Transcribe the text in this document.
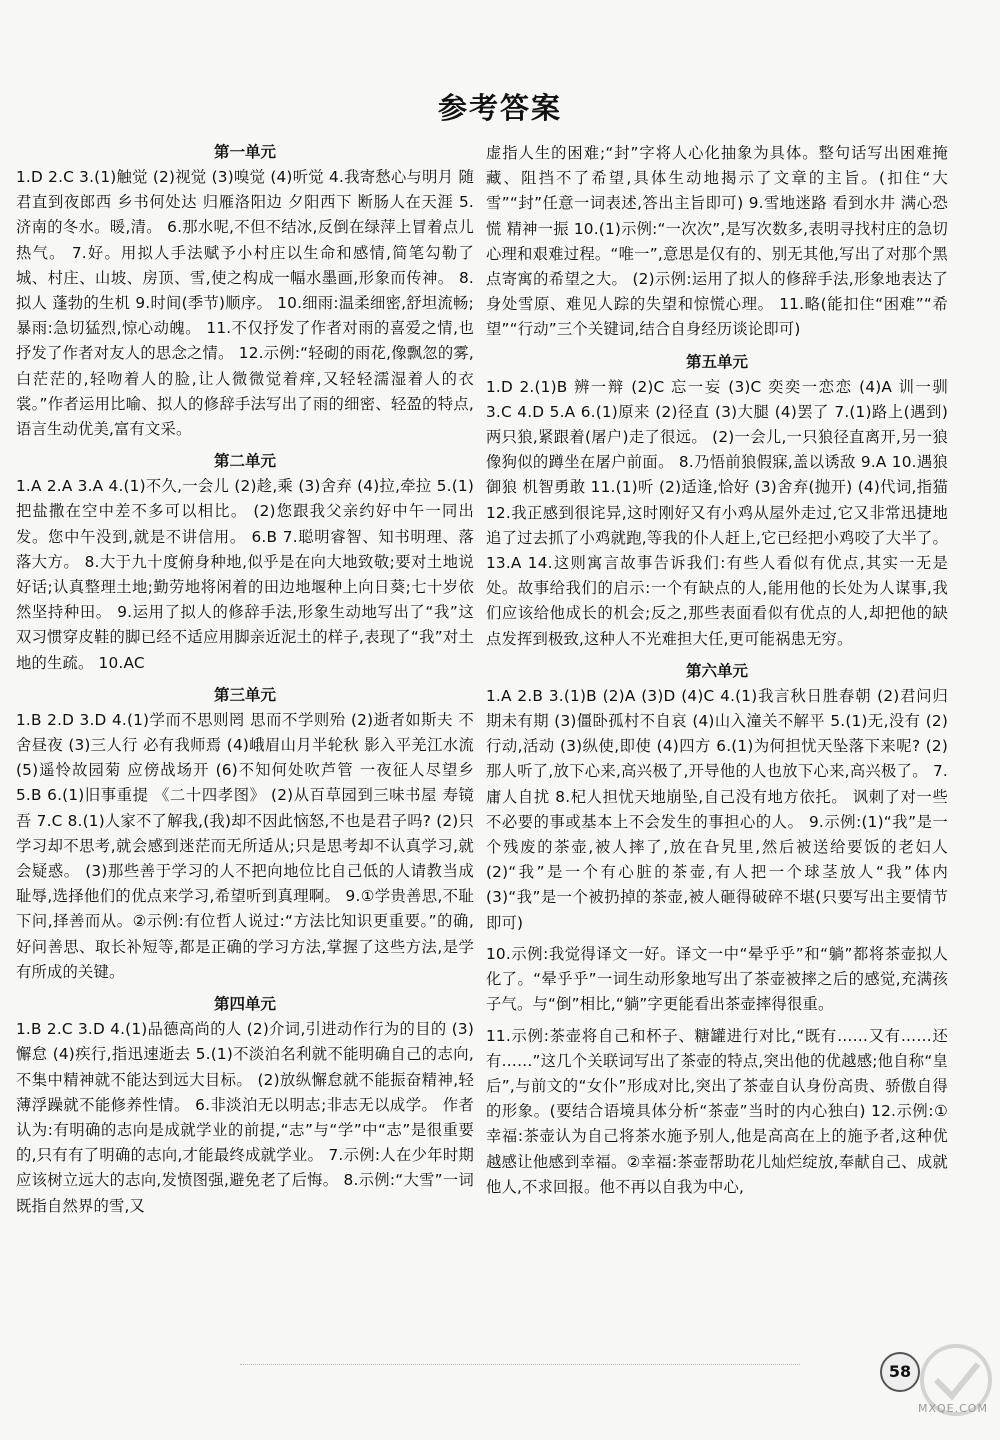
参考答案
第一单元

1.D 2.C 3.(1)触觉 (2)视觉 (3)嗅觉 (4)听觉 4.我寄愁心与明月 随君直到夜郎西 乡书何处达 归雁洛阳边 夕阳西下 断肠人在天涯 5.济南的冬水。暖,清。 6.那水呢,不但不结冰,反倒在绿萍上冒着点儿热气。 7.好。用拟人手法赋予小村庄以生命和感情,简笔勾勒了城、村庄、山坡、房顶、雪,使之构成一幅水墨画,形象而传神。 8.拟人 蓬勃的生机 9.时间(季节)顺序。 10.细雨:温柔细密,舒坦流畅;暴雨:急切猛烈,惊心动魄。 11.不仅抒发了作者对雨的喜爱之情,也抒发了作者对友人的思念之情。 12.示例:“轻砌的雨花,像飘忽的雾,白茫茫的,轻吻着人的脸,让人微微觉着痒,又轻轻濡湿着人的衣裳。”作者运用比喻、拟人的修辞手法写出了雨的细密、轻盈的特点,语言生动优美,富有文采。

第二单元

1.A 2.A 3.A 4.(1)不久,一会儿 (2)趁,乘 (3)舍弃 (4)拉,牵拉 5.(1)把盐撒在空中差不多可以相比。 (2)您跟我父亲约好中午一同出发。您中午没到,就是不讲信用。 6.B 7.聪明睿智、知书明理、落落大方。 8.大于九十度俯身种地,似乎是在向大地致敬;要对土地说好话;认真整理土地;勤劳地将闲着的田边地堰种上向日葵;七十岁依然坚持种田。 9.运用了拟人的修辞手法,形象生动地写出了“我”这双习惯穿皮鞋的脚已经不适应用脚亲近泥土的样子,表现了“我”对土地的生疏。 10.AC

第三单元

1.B 2.D 3.D 4.(1)学而不思则罔 思而不学则殆 (2)逝者如斯夫 不舍昼夜 (3)三人行 必有我师焉 (4)峨眉山月半轮秋 影入平羌江水流 (5)遥怜故园菊 应傍战场开 (6)不知何处吹芦管 一夜征人尽望乡 5.B 6.(1)旧事重提 《二十四孝图》 (2)从百草园到三味书屋 寿镜吾 7.C 8.(1)人家不了解我,(我)却不因此恼怒,不也是君子吗? (2)只学习却不思考,就会感到迷茫而无所适从;只是思考却不认真学习,就会疑惑。 (3)那些善于学习的人不把向地位比自己低的人请教当成耻辱,选择他们的优点来学习,希望听到真理啊。 9.①学贵善思,不耻下问,择善而从。②示例:有位哲人说过:“方法比知识更重要。”的确,好问善思、取长补短等,都是正确的学习方法,掌握了这些方法,是学有所成的关键。

第四单元

1.B 2.C 3.D 4.(1)品德高尚的人 (2)介词,引进动作行为的目的 (3)懈怠 (4)疾行,指迅速逝去 5.(1)不淡泊名利就不能明确自己的志向,不集中精神就不能达到远大目标。 (2)放纵懈怠就不能振奋精神,轻薄浮躁就不能修养性情。 6.非淡泊无以明志;非志无以成学。 作者认为:有明确的志向是成就学业的前提,“志”与“学”中“志”是很重要的,只有有了明确的志向,才能最终成就学业。 7.示例:人在少年时期应该树立远大的志向,发愤图强,避免老了后悔。 8.示例:“大雪”一词既指自然界的雪,又

虚指人生的困难;“封”字将人心化抽象为具体。整句话写出困难掩藏、阻挡不了希望,具体生动地揭示了文章的主旨。(扣住“大雪”“封”任意一词表述,答出主旨即可) 9.雪地迷路 看到水井 满心恐慌 精神一振 10.(1)示例:“一次次”,是写次数多,表明寻找村庄的急切心理和艰难过程。“唯一”,意思是仅有的、别无其他,写出了对那个黑点寄寓的希望之大。 (2)示例:运用了拟人的修辞手法,形象地表达了身处雪原、难见人踪的失望和惊慌心理。 11.略(能扣住“困难”“希望”“行动”三个关键词,结合自身经历谈论即可)

第五单元

1.D 2.(1)B 辨一辩 (2)C 忘一妄 (3)C 奕奕一恋恋 (4)A 训一驯 3.C 4.D 5.A 6.(1)原来 (2)径直 (3)大腿 (4)罢了 7.(1)路上(遇到)两只狼,紧跟着(屠户)走了很远。 (2)一会儿,一只狼径直离开,另一狼像狗似的蹲坐在屠户前面。 8.乃悟前狼假寐,盖以诱敌 9.A 10.遇狼 御狼 机智勇敢 11.(1)听 (2)适逢,恰好 (3)舍弃(抛开) (4)代词,指猫 12.我正感到很诧异,这时刚好又有小鸡从屋外走过,它又非常迅捷地追了过去抓了小鸡就跑,等我的仆人赶上,它已经把小鸡咬了大半了。 13.A 14.这则寓言故事告诉我们:有些人看似有优点,其实一无是处。故事给我们的启示:一个有缺点的人,能用他的长处为人谋事,我们应该给他成长的机会;反之,那些表面看似有优点的人,却把他的缺点发挥到极致,这种人不光难担大任,更可能祸患无穷。

第六单元

1.A 2.B 3.(1)B (2)A (3)D (4)C 4.(1)我言秋日胜春朝 (2)君问归期未有期 (3)僵卧孤村不自哀 (4)山入潼关不解平 5.(1)无,没有 (2)行动,活动 (3)纵使,即使 (4)四方 6.(1)为何担忧天坠落下来呢? (2)那人听了,放下心来,高兴极了,开导他的人也放下心来,高兴极了。 7.庸人自扰 8.杞人担忧天地崩坠,自己没有地方依托。 讽刺了对一些不必要的事或基本上不会发生的事担心的人。 9.示例:(1)“我”是一个残废的茶壶,被人摔了,放在旮旯里,然后被送给要饭的老妇人 (2)“我”是一个有心脏的茶壶,有人把一个球茎放人“我”体内 (3)“我”是一个被扔掉的茶壶,被人砸得破碎不堪(只要写出主要情节即可)

10.示例:我觉得译文一好。译文一中“晕乎乎”和“躺”都将茶壶拟人化了。“晕乎乎”一词生动形象地写出了茶壶被摔之后的感觉,充满孩子气。与“倒”相比,“躺”字更能看出茶壶摔得很重。

11.示例:茶壶将自己和杯子、糖罐进行对比,“既有……又有……还有……”这几个关联词写出了茶壶的特点,突出他的优越感;他自称“皇后”,与前文的“女仆”形成对比,突出了茶壶自认身份高贵、骄傲自得的形象。(要结合语境具体分析“茶壶”当时的内心独白) 12.示例:①幸福:茶壶认为自己将茶水施予别人,他是高高在上的施予者,这种优越感让他感到幸福。②幸福:茶壶帮助花儿灿烂绽放,奉献自己、成就他人,不求回报。他不再以自我为中心,

58
MXQE.COM
